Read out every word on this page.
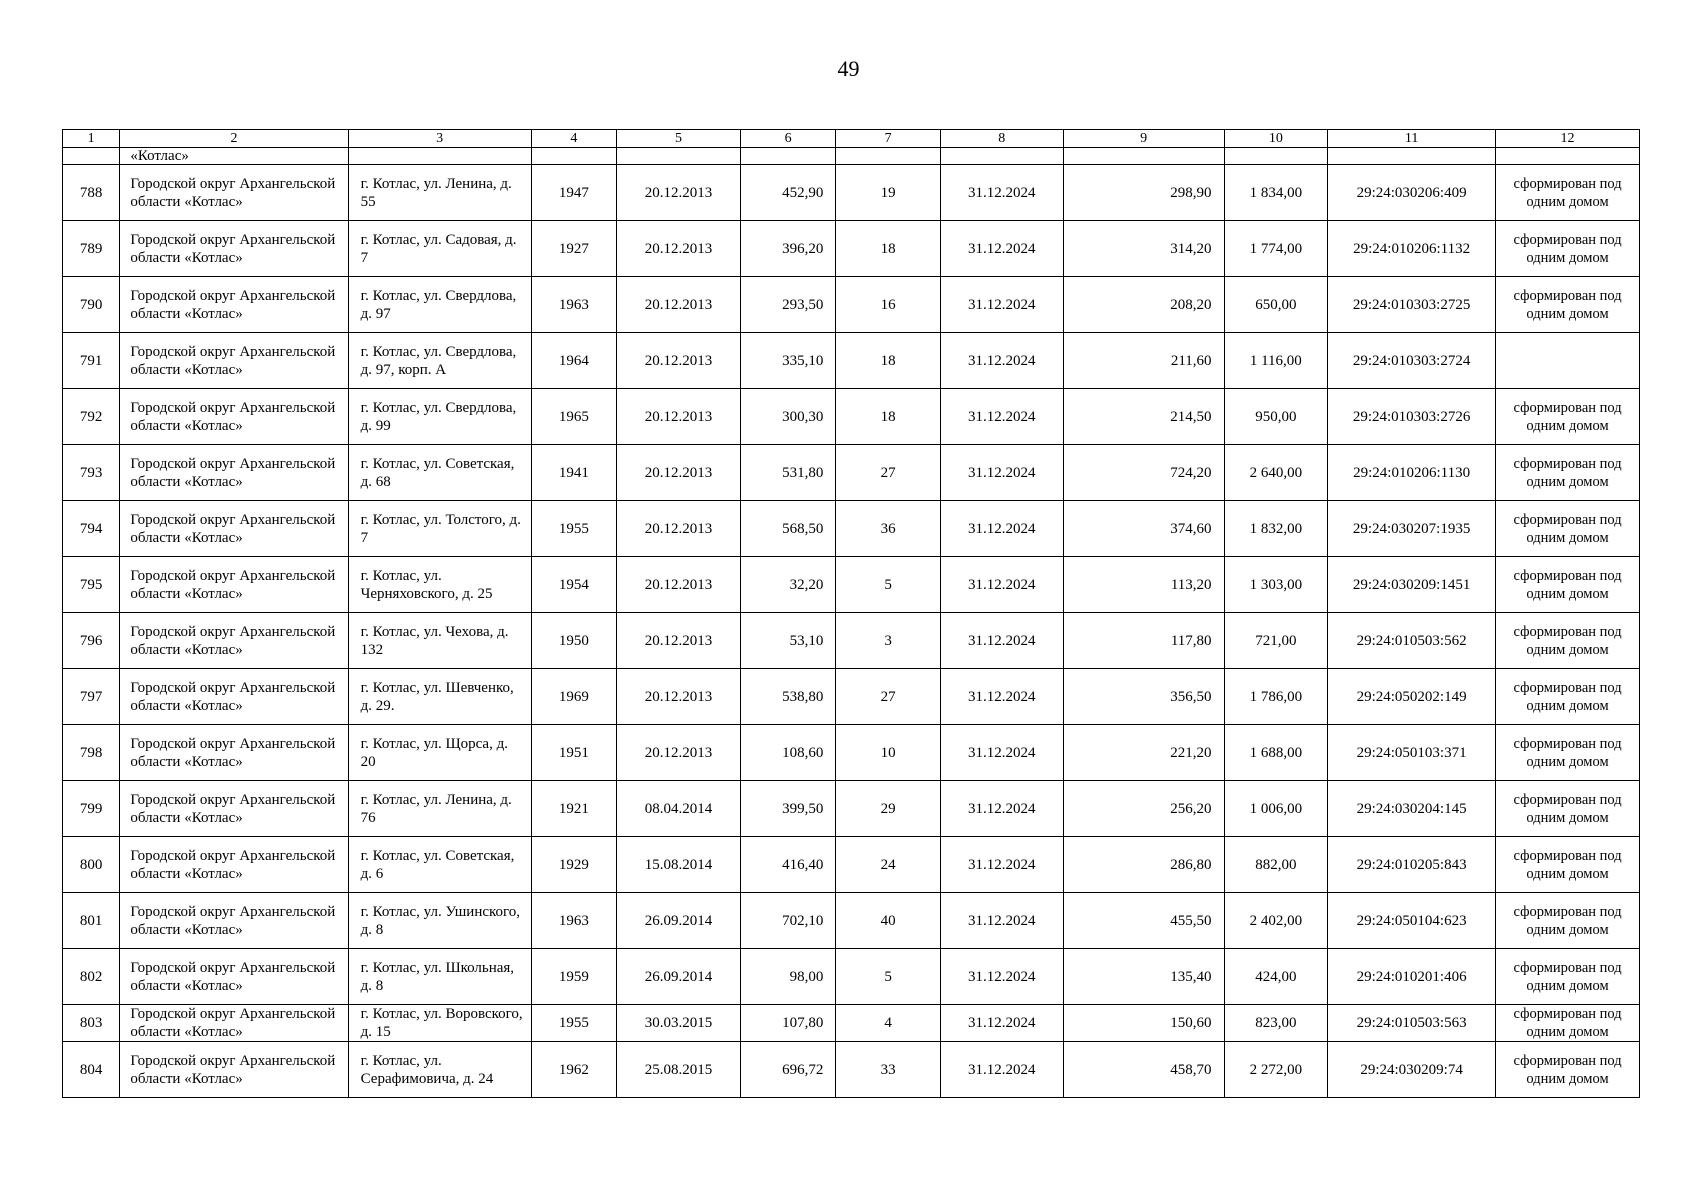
49
1	2	3	4	5	6	7	8	9	10	11	12
	«Котлас»										
788	Городской округ Архангельской области «Котлас»	г. Котлас, ул. Ленина, д. 55	1947	20.12.2013	452,90	19	31.12.2024	298,90	1 834,00	29:24:030206:409	сформирован под одним домом
789	Городской округ Архангельской области «Котлас»	г. Котлас, ул. Садовая, д. 7	1927	20.12.2013	396,20	18	31.12.2024	314,20	1 774,00	29:24:010206:1132	сформирован под одним домом
790	Городской округ Архангельской области «Котлас»	г. Котлас, ул. Свердлова, д. 97	1963	20.12.2013	293,50	16	31.12.2024	208,20	650,00	29:24:010303:2725	сформирован под одним домом
791	Городской округ Архангельской области «Котлас»	г. Котлас, ул. Свердлова, д. 97, корп. А	1964	20.12.2013	335,10	18	31.12.2024	211,60	1 116,00	29:24:010303:2724	
792	Городской округ Архангельской области «Котлас»	г. Котлас, ул. Свердлова, д. 99	1965	20.12.2013	300,30	18	31.12.2024	214,50	950,00	29:24:010303:2726	сформирован под одним домом
793	Городской округ Архангельской области «Котлас»	г. Котлас, ул. Советская, д. 68	1941	20.12.2013	531,80	27	31.12.2024	724,20	2 640,00	29:24:010206:1130	сформирован под одним домом
794	Городской округ Архангельской области «Котлас»	г. Котлас, ул. Толстого, д. 7	1955	20.12.2013	568,50	36	31.12.2024	374,60	1 832,00	29:24:030207:1935	сформирован под одним домом
795	Городской округ Архангельской области «Котлас»	г. Котлас, ул. Черняховского, д. 25	1954	20.12.2013	32,20	5	31.12.2024	113,20	1 303,00	29:24:030209:1451	сформирован под одним домом
796	Городской округ Архангельской области «Котлас»	г. Котлас, ул. Чехова, д. 132	1950	20.12.2013	53,10	3	31.12.2024	117,80	721,00	29:24:010503:562	сформирован под одним домом
797	Городской округ Архангельской области «Котлас»	г. Котлас, ул. Шевченко, д. 29.	1969	20.12.2013	538,80	27	31.12.2024	356,50	1 786,00	29:24:050202:149	сформирован под одним домом
798	Городской округ Архангельской области «Котлас»	г. Котлас, ул. Щорса, д. 20	1951	20.12.2013	108,60	10	31.12.2024	221,20	1 688,00	29:24:050103:371	сформирован под одним домом
799	Городской округ Архангельской области «Котлас»	г. Котлас, ул. Ленина, д. 76	1921	08.04.2014	399,50	29	31.12.2024	256,20	1 006,00	29:24:030204:145	сформирован под одним домом
800	Городской округ Архангельской области «Котлас»	г. Котлас, ул. Советская, д. 6	1929	15.08.2014	416,40	24	31.12.2024	286,80	882,00	29:24:010205:843	сформирован под одним домом
801	Городской округ Архангельской области «Котлас»	г. Котлас, ул. Ушинского, д. 8	1963	26.09.2014	702,10	40	31.12.2024	455,50	2 402,00	29:24:050104:623	сформирован под одним домом
802	Городской округ Архангельской области «Котлас»	г. Котлас, ул. Школьная, д. 8	1959	26.09.2014	98,00	5	31.12.2024	135,40	424,00	29:24:010201:406	сформирован под одним домом
803	Городской округ Архангельской области «Котлас»	г. Котлас, ул. Воровского, д. 15	1955	30.03.2015	107,80	4	31.12.2024	150,60	823,00	29:24:010503:563	сформирован под одним домом
804	Городской округ Архангельской области «Котлас»	г. Котлас, ул. Серафимовича, д. 24	1962	25.08.2015	696,72	33	31.12.2024	458,70	2 272,00	29:24:030209:74	сформирован под одним домом
